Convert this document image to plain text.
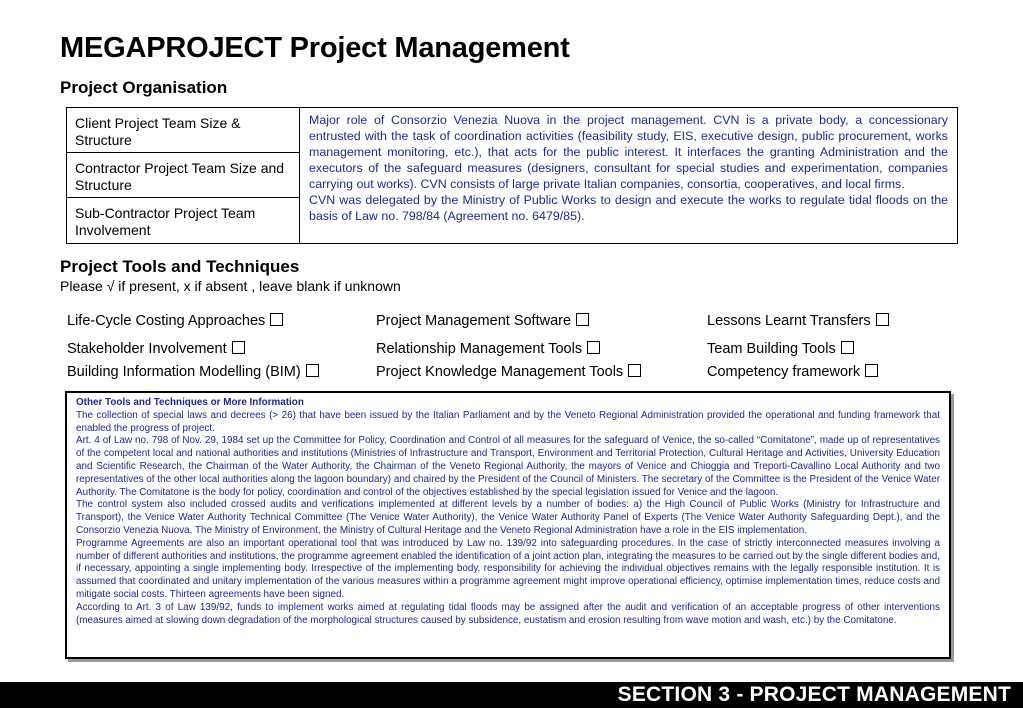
MEGAPROJECT Project Management
Project Organisation
Client Project Team Size & Structure
Contractor Project Team Size and Structure
Sub-Contractor Project Team Involvement

Major role of Consorzio Venezia Nuova in the project management. CVN is a private body, a concessionary entrusted with the task of coordination activities (feasibility study, EIS, executive design, public procurement, works management monitoring, etc.), that acts for the public interest. It interfaces the granting Administration and the executors of the safeguard measures (designers, consultant for special studies and experimentation, companies carrying out works). CVN consists of large private Italian companies, consortia, cooperatives, and local firms.

CVN was delegated by the Ministry of Public Works to design and execute the works to regulate tidal floods on the basis of Law no. 798/84 (Agreement no. 6479/85).

Project Tools and Techniques

Please √ if present, x if absent , leave blank if unknown

Life-Cycle Costing Approaches	Project Management Software	Lessons Learnt Transfers
Stakeholder Involvement	Relationship Management Tools	Team Building Tools
Building Information Modelling (BIM)	Project Knowledge Management Tools	Competency framework

Other Tools and Techniques or More Information

The collection of special laws and decrees (> 26) that have been issued by the Italian Parliament and by the Veneto Regional Administration provided the operational and funding framework that enabled the progress of project.

Art. 4 of Law no. 798 of Nov. 29, 1984 set up the Committee for Policy, Coordination and Control of all measures for the safeguard of Venice, the so-called “Comitatone”, made up of representatives of the competent local and national authorities and institutions (Ministries of Infrastructure and Transport, Environment and Territorial Protection, Cultural Heritage and Activities, University Education and Scientific Research, the Chairman of the Water Authority, the Chairman of the Veneto Regional Authority, the mayors of Venice and Chioggia and Treporti-Cavallino Local Authority and two representatives of the other local authorities along the lagoon boundary) and chaired by the President of the Council of Ministers. The secretary of the Committee is the President of the Venice Water Authority. The Comitatone is the body for policy, coordination and control of the objectives established by the special legislation issued for Venice and the lagoon.

The control system also included crossed audits and verifications implemented at different levels by a number of bodies: a) the High Council of Public Works (Ministry for Infrastructure and Transport), the Venice Water Authority Technical Committee (The Venice Water Authority), the Venice Water Authority Panel of Experts (The Venice Water Authority Safeguarding Dept.), and the Consorzio Venezia Nuova. The Ministry of Environment, the Ministry of Cultural Heritage and the Veneto Regional Administration have a role in the EIS implementation.

Programme Agreements are also an important operational tool that was introduced by Law no. 139/92 into safeguarding procedures. In the case of strictly interconnected measures involving a number of different authorities and institutions, the programme agreement enabled the identification of a joint action plan, integrating the measures to be carried out by the single different bodies and, if necessary, appointing a single implementing body. Irrespective of the implementing body, responsibility for achieving the individual objectives remains with the legally responsible institution. It is assumed that coordinated and unitary implementation of the various measures within a programme agreement might improve operational efficiency, optimise implementation times, reduce costs and mitigate social costs. Thirteen agreements have been signed.

According to Art. 3 of Law 139/92, funds to implement works aimed at regulating tidal floods may be assigned after the audit and verification of an acceptable progress of other interventions (measures aimed at slowing down degradation of the morphological structures caused by subsidence, eustatism and erosion resulting from wave motion and wash, etc.) by the Comitatone.

SECTION 3 - PROJECT MANAGEMENT
